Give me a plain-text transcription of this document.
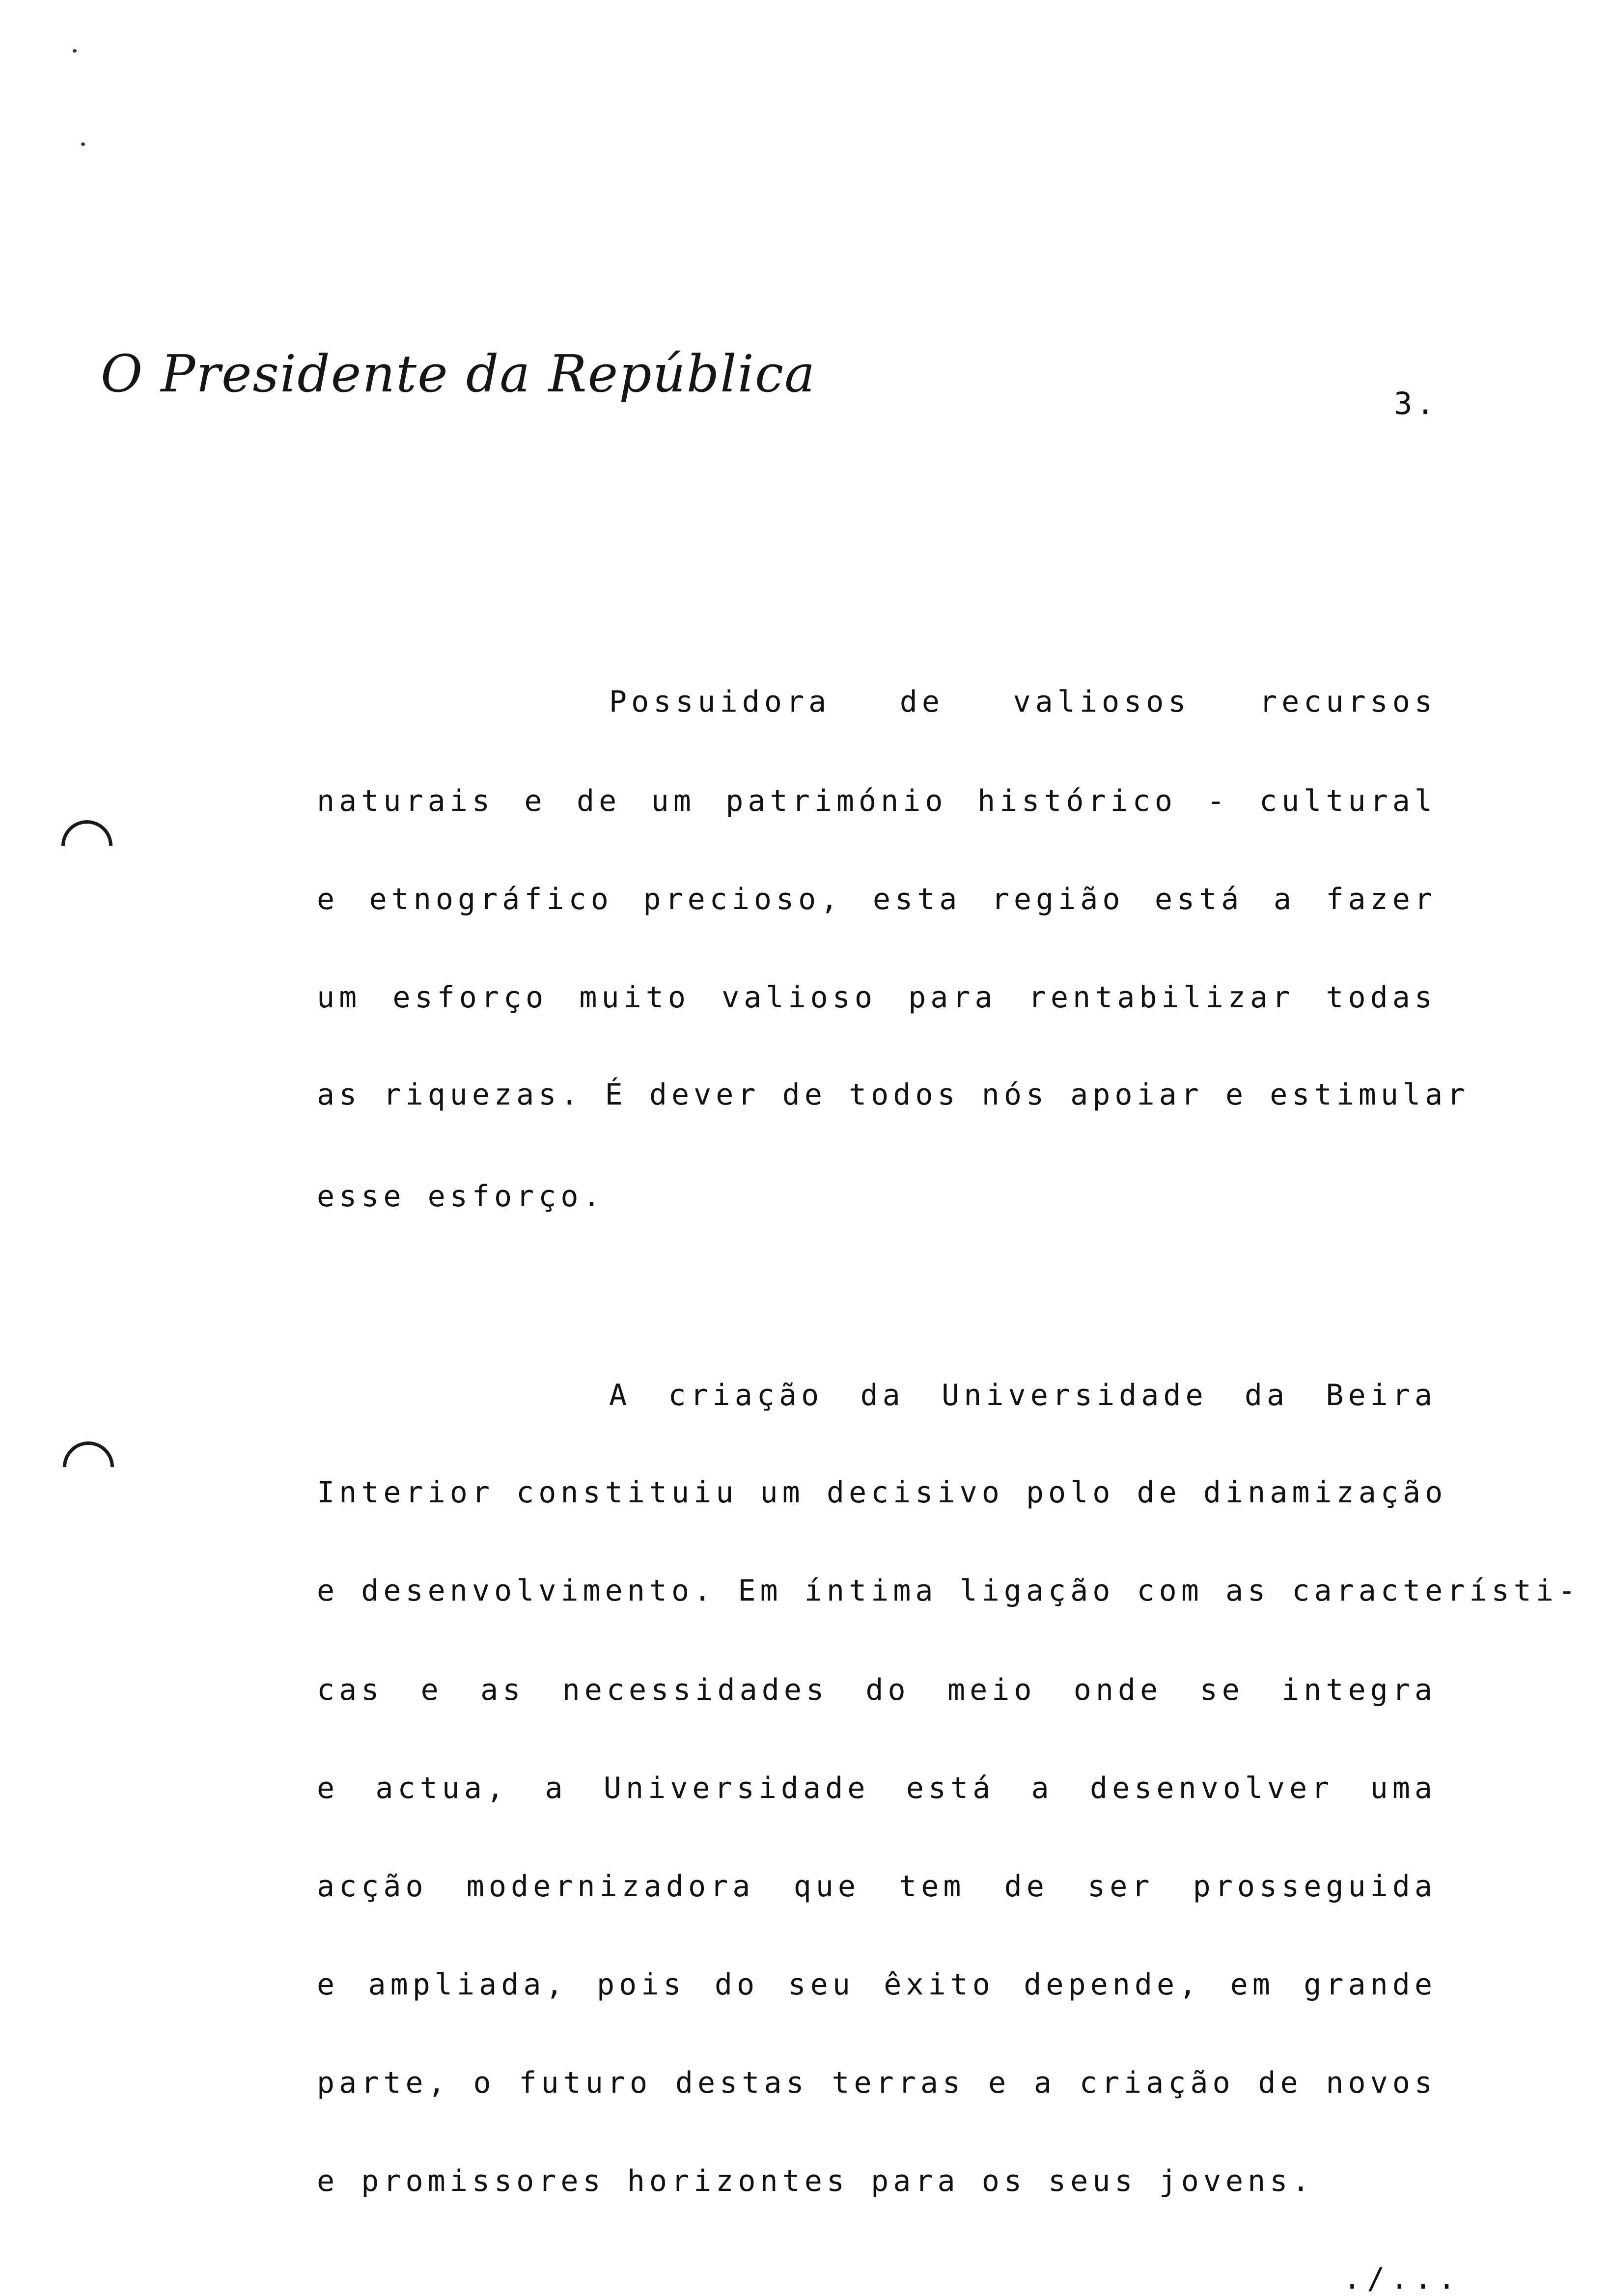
O Presidente da República	3.
Possuidora de valiosos recursos
naturais e de um património histórico - cultural
e etnográfico precioso, esta região está a fazer
um esforço muito valioso para rentabilizar todas
as riquezas. É dever de todos nós apoiar e estimular
esse esforço.
A criação da Universidade da Beira
Interior constituiu um decisivo polo de dinamização
e desenvolvimento. Em íntima ligação com as característi-
cas e as necessidades do meio onde se integra
e actua, a Universidade está a desenvolver uma
acção modernizadora que tem de ser prosseguida
e ampliada, pois do seu êxito depende, em grande
parte, o futuro destas terras e a criação de novos
e promissores horizontes para os seus jovens.
./...
